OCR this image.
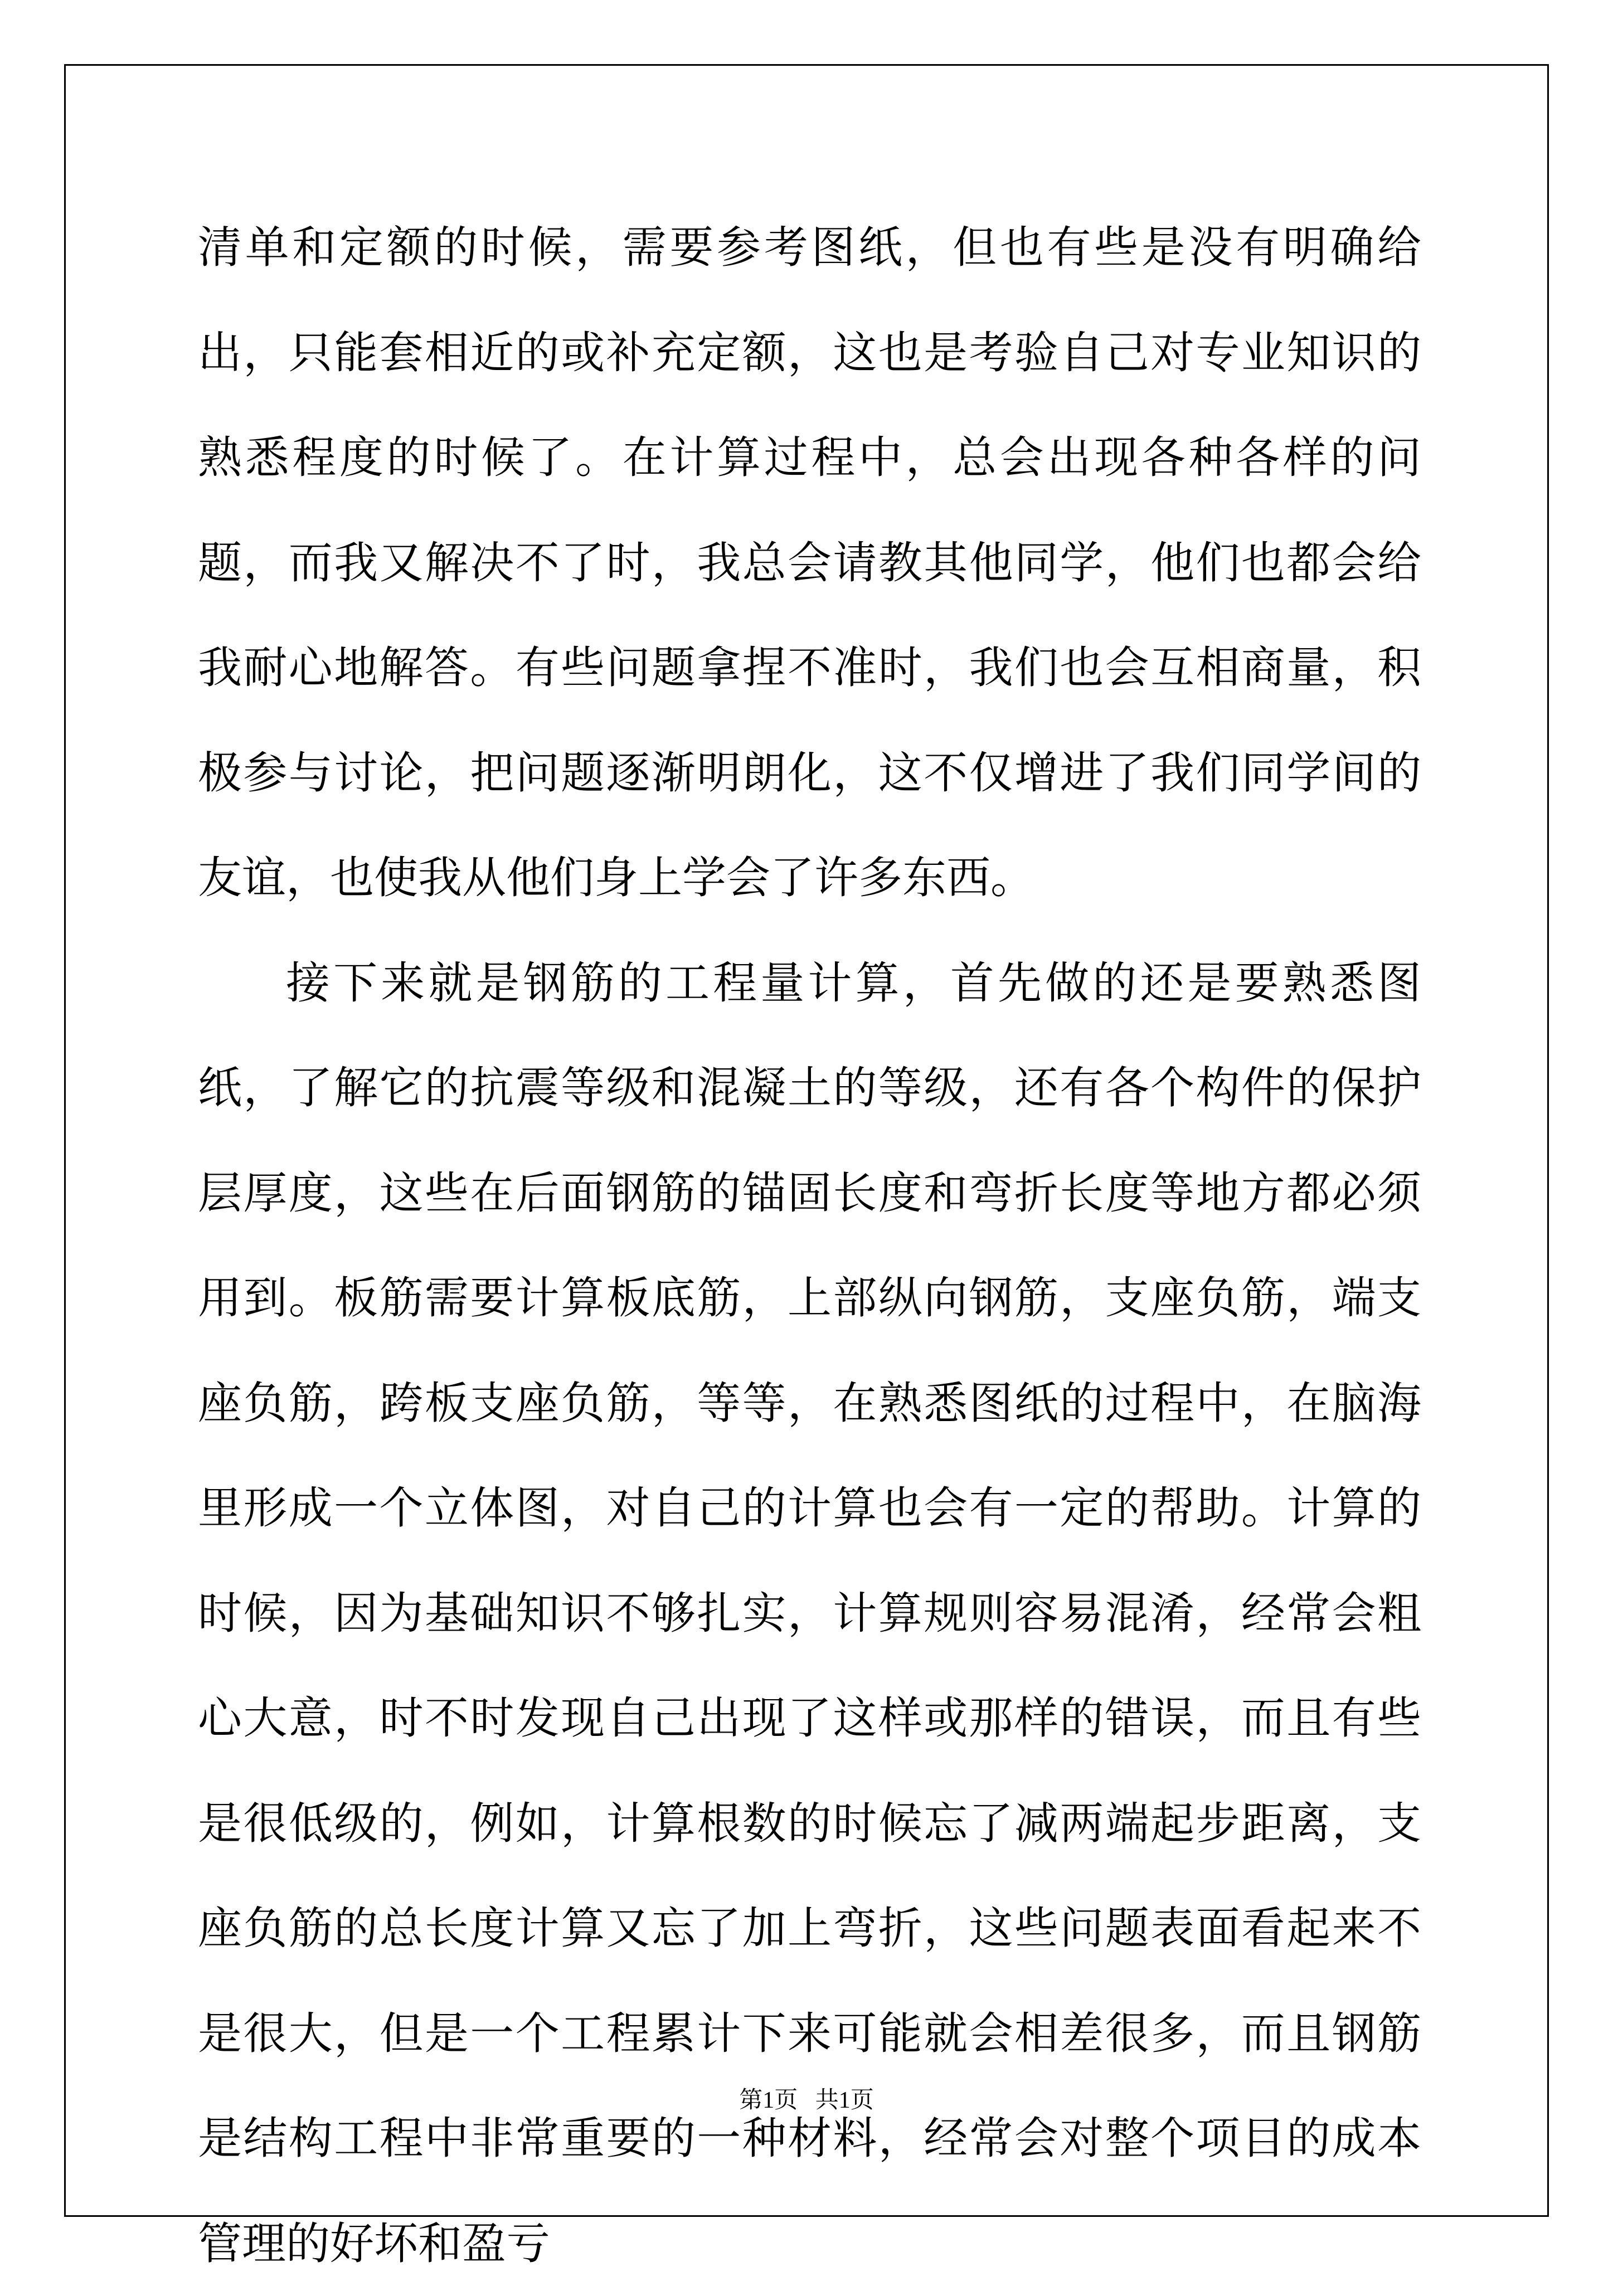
清单和定额的时候，需要参考图纸，但也有些是没有明确给出，只能套相近的或补充定额，这也是考验自己对专业知识的熟悉程度的时候了。在计算过程中，总会出现各种各样的问题，而我又解决不了时，我总会请教其他同学，他们也都会给我耐心地解答。有些问题拿捏不准时，我们也会互相商量，积极参与讨论，把问题逐渐明朗化，这不仅增进了我们同学间的友谊，也使我从他们身上学会了许多东西。

接下来就是钢筋的工程量计算，首先做的还是要熟悉图纸，了解它的抗震等级和混凝土的等级，还有各个构件的保护层厚度，这些在后面钢筋的锚固长度和弯折长度等地方都必须用到。板筋需要计算板底筋，上部纵向钢筋，支座负筋，端支座负筋，跨板支座负筋，等等，在熟悉图纸的过程中，在脑海里形成一个立体图，对自己的计算也会有一定的帮助。计算的时候，因为基础知识不够扎实，计算规则容易混淆，经常会粗心大意，时不时发现自己出现了这样或那样的错误，而且有些是很低级的，例如，计算根数的时候忘了减两端起步距离，支座负筋的总长度计算又忘了加上弯折，这些问题表面看起来不是很大，但是一个工程累计下来可能就会相差很多，而且钢筋是结构工程中非常重要的一种材料，经常会对整个项目的成本管理的好坏和盈亏

第1页   共1页
